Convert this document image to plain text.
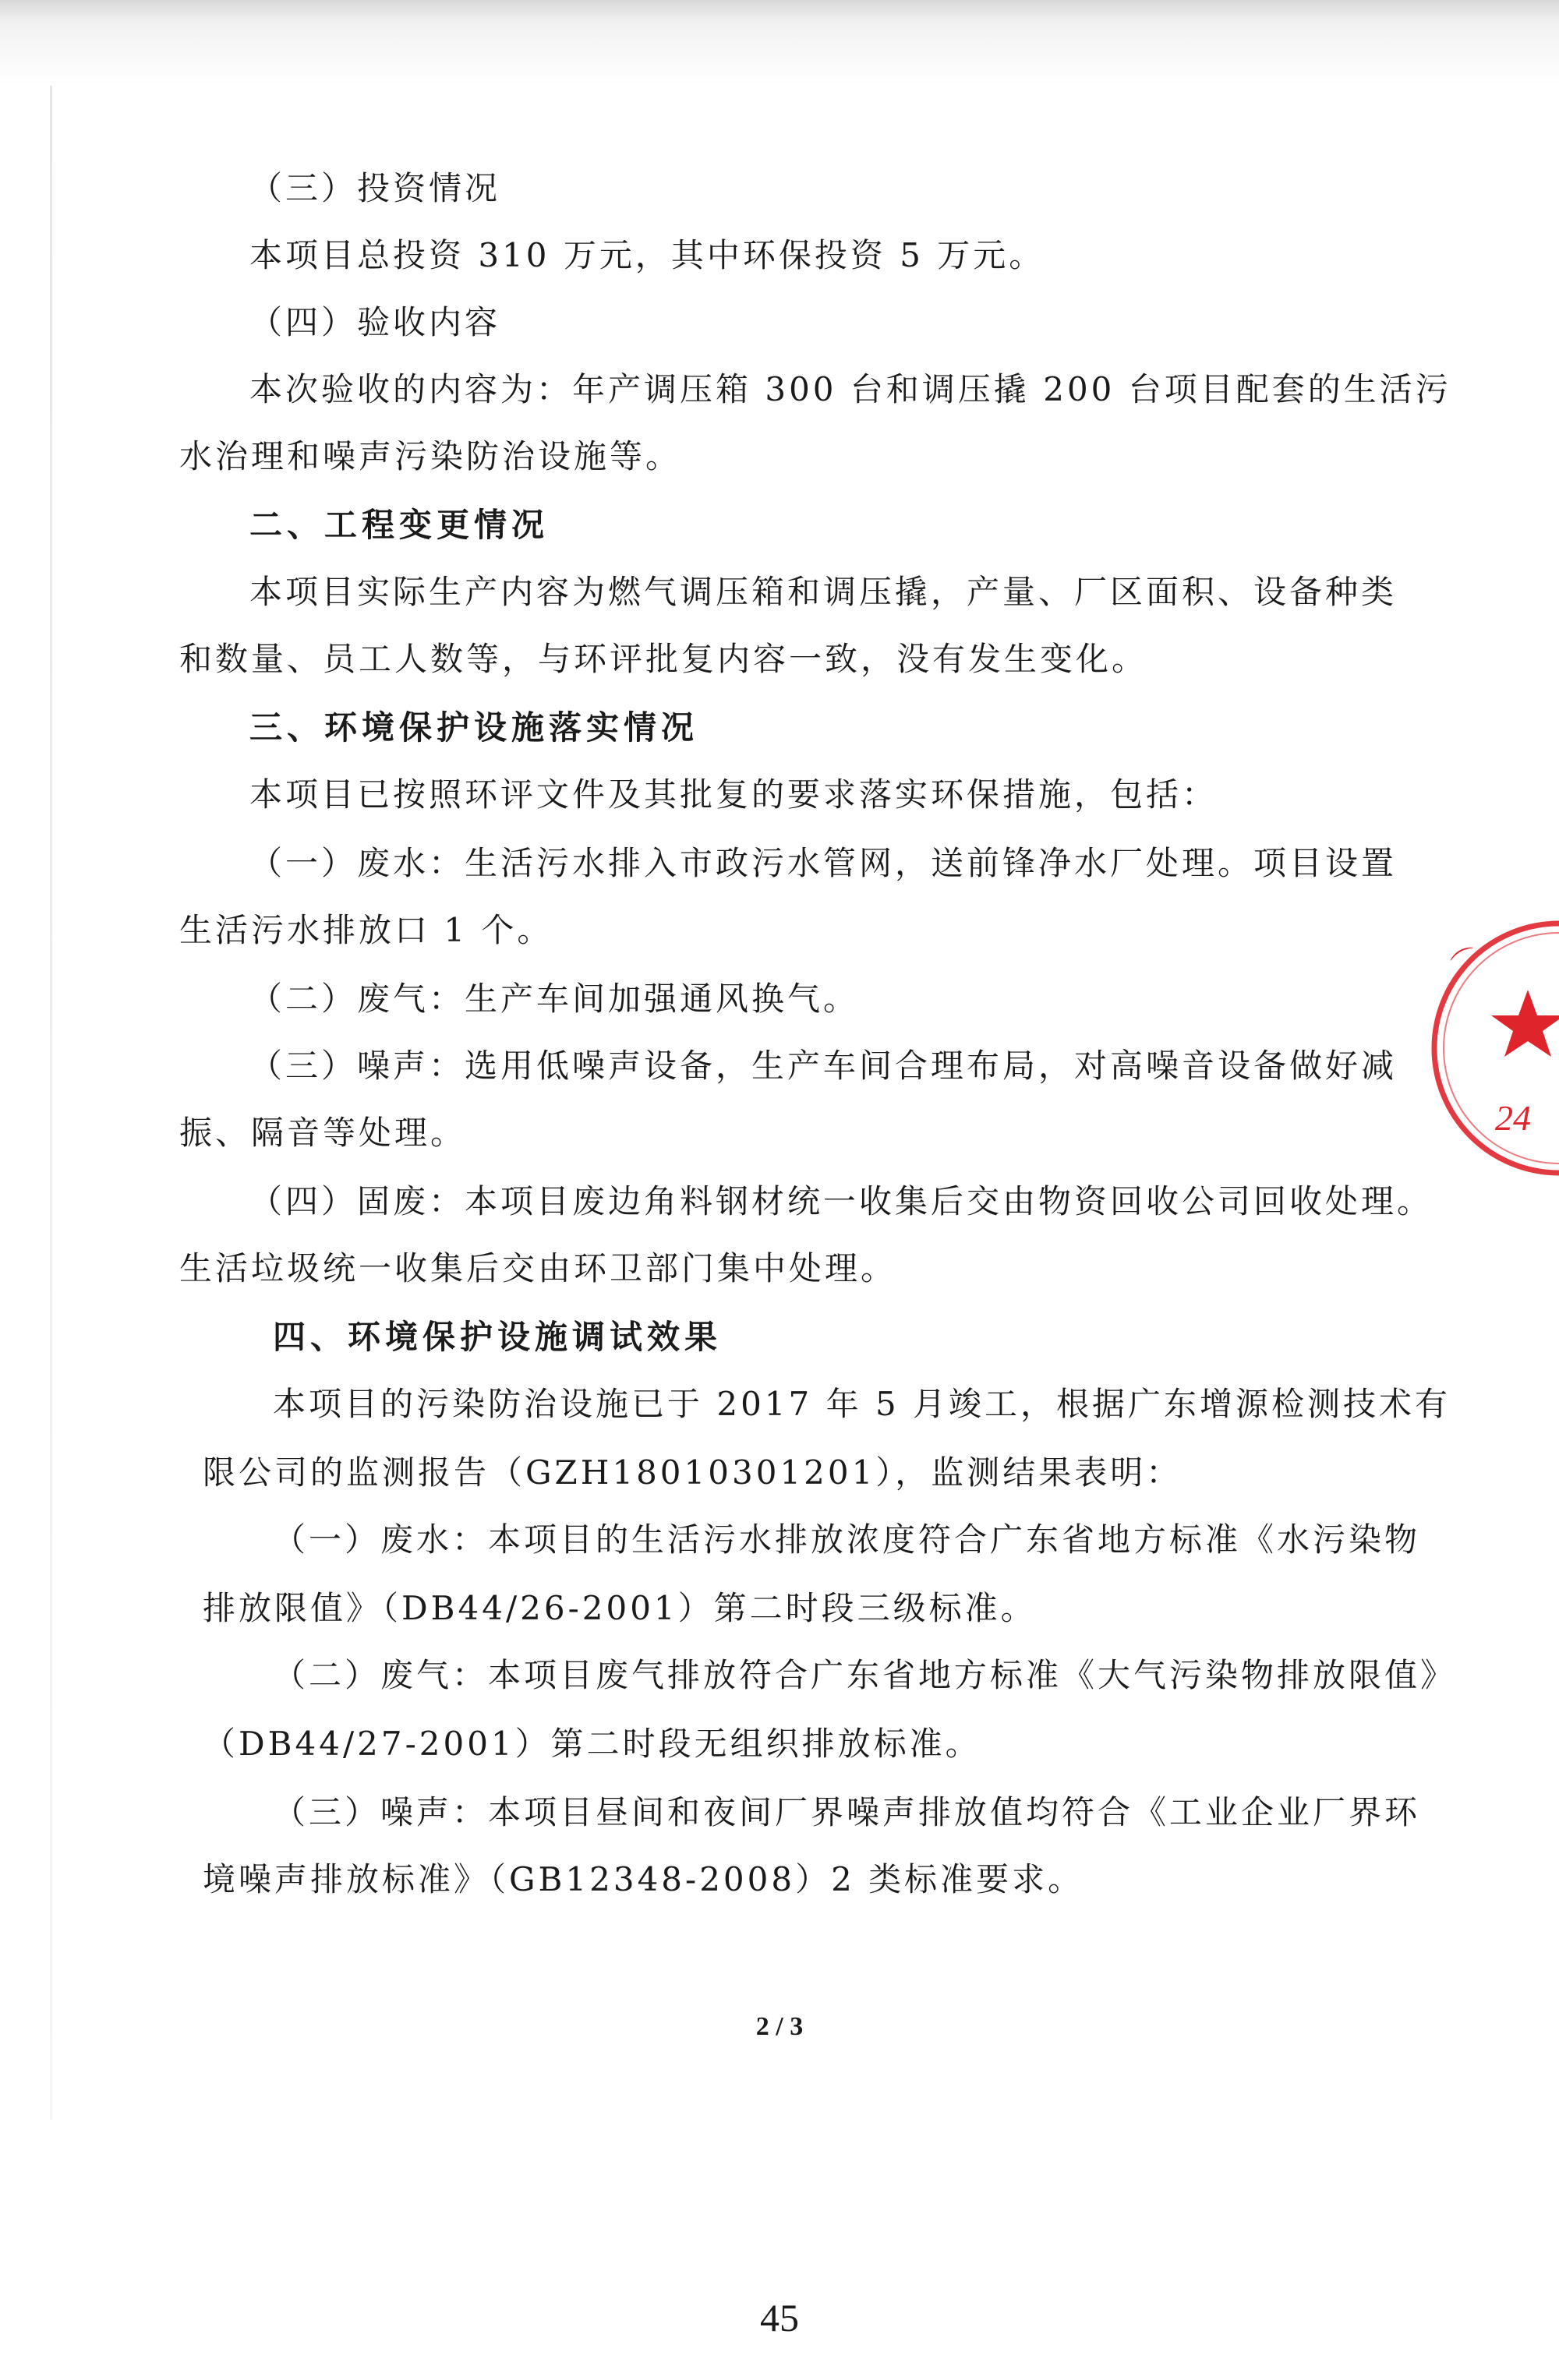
（三）投资情况
本项目总投资 310 万元，其中环保投资 5 万元。
（四）验收内容
本次验收的内容为：年产调压箱 300 台和调压撬 200 台项目配套的生活污
水治理和噪声污染防治设施等。
二、工程变更情况
本项目实际生产内容为燃气调压箱和调压撬，产量、厂区面积、设备种类
和数量、员工人数等，与环评批复内容一致，没有发生变化。
三、环境保护设施落实情况
本项目已按照环评文件及其批复的要求落实环保措施，包括：
（一）废水：生活污水排入市政污水管网，送前锋净水厂处理。项目设置
生活污水排放口 1 个。
（二）废气：生产车间加强通风换气。
（三）噪声：选用低噪声设备，生产车间合理布局，对高噪音设备做好减
振、隔音等处理。
（四）固废：本项目废边角料钢材统一收集后交由物资回收公司回收处理。
生活垃圾统一收集后交由环卫部门集中处理。
四、环境保护设施调试效果
本项目的污染防治设施已于 2017 年 5 月竣工，根据广东增源检测技术有
限公司的监测报告（GZH18010301201），监测结果表明：
（一）废水：本项目的生活污水排放浓度符合广东省地方标准《水污染物
排放限值》（DB44/26-2001）第二时段三级标准。
（二）废气：本项目废气排放符合广东省地方标准《大气污染物排放限值》
（DB44/27-2001）第二时段无组织排放标准。
（三）噪声：本项目昼间和夜间厂界噪声排放值均符合《工业企业厂界环
境噪声排放标准》（GB12348-2008）2 类标准要求。
2 / 3
45
24
⌒
